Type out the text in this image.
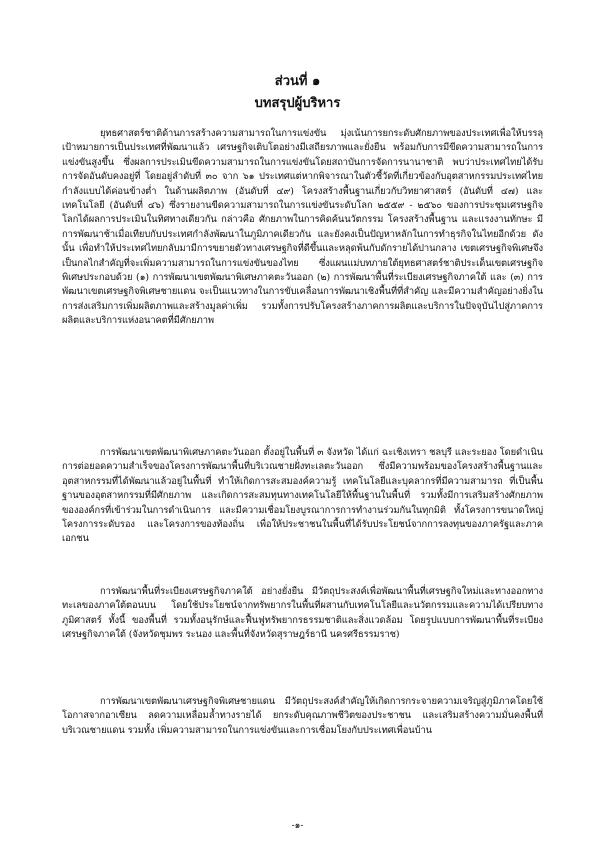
ส่วนที่ ๑
บทสรุปผู้บริหาร

ยุทธศาสตร์ชาติด้านการสร้างความสามารถในการแข่งขัน มุ่งเน้นการยกระดับศักยภาพของประเทศเพื่อให้บรรลุเป้าหมายการเป็นประเทศที่พัฒนาแล้ว เศรษฐกิจเติบโตอย่างมีเสถียรภาพและยั่งยืน พร้อมกับการมีขีดความสามารถในการแข่งขันสูงขึ้น ซึ่งผลการประเมินขีดความสามารถในการแข่งขันโดยสถาบันการจัดการนานาชาติ พบว่าประเทศไทยได้รับการจัดอันดับคงอยู่ที่ โดยอยู่ลำดับที่ ๓๐ จาก ๖๑ ประเทศแต่หากพิจารณาในตัวชี้วัดที่เกี่ยวข้องกับอุตสาหกรรมประเทศไทยกำลังแบบได้ค่อนข้างต่ำ ในด้านผลิตภาพ (อันดับที่ ๔๙) โครงสร้างพื้นฐานเกี่ยวกับวิทยาศาสตร์ (อันดับที่ ๔๗) และเทคโนโลยี (อันดับที่ ๔๖) ซึ่งรายงานขีดความสามารถในการแข่งขันระดับโลก ๒๕๕๙ - ๒๕๖๐ ของการประชุมเศรษฐกิจโลกได้ผลการประเมินในทิศทางเดียวกัน กล่าวคือ ศักยภาพในการคิดค้นนวัตกรรม โครงสร้างพื้นฐาน และแรงงานทักษะ มีการพัฒนาช้าเมื่อเทียบกับประเทศกำลังพัฒนาในภูมิภาคเดียวกัน และยังคงเป็นปัญหาหลักในการทำธุรกิจในไทยอีกด้วย ดังนั้น เพื่อทำให้ประเทศไทยกลับมามีการขยายตัวทางเศรษฐกิจที่ดีขึ้นและหลุดพ้นกับดักรายได้ปานกลาง เขตเศรษฐกิจพิเศษจึงเป็นกลไกสำคัญที่จะเพิ่มความสามารถในการแข่งขันของไทย ซึ่งแผนแม่บทภายใต้ยุทธศาสตร์ชาติประเด็นเขตเศรษฐกิจพิเศษประกอบด้วย (๑) การพัฒนาเขตพัฒนาพิเศษภาคตะวันออก (๒) การพัฒนาพื้นที่ระเบียงเศรษฐกิจภาคใต้ และ (๓) การพัฒนาเขตเศรษฐกิจพิเศษชายแดน จะเป็นแนวทางในการขับเคลื่อนการพัฒนาเชิงพื้นที่ที่สำคัญ และมีความสำคัญอย่างยิ่งในการส่งเสริมการเพิ่มผลิตภาพและสร้างมูลค่าเพิ่ม รวมทั้งการปรับโครงสร้างภาคการผลิตและบริการในปัจจุบันไปสู่ภาคการผลิตและบริการแห่งอนาคตที่มีศักยภาพ

การพัฒนาเขตพัฒนาพิเศษภาคตะวันออก ตั้งอยู่ในพื้นที่ ๓ จังหวัด ได้แก่ ฉะเชิงเทรา ชลบุรี และระยอง โดยดำเนินการต่อยอดความสำเร็จของโครงการพัฒนาพื้นที่บริเวณชายฝั่งทะเลตะวันออก ซึ่งมีความพร้อมของโครงสร้างพื้นฐานและอุตสาหกรรมที่ได้พัฒนาแล้วอยู่ในพื้นที่ ทำให้เกิดการสะสมองค์ความรู้ เทคโนโลยีและบุคลากรที่มีความสามารถ ที่เป็นพื้นฐานของอุตสาหกรรมที่มีศักยภาพ และเกิดการสะสมทุนทางเทคโนโลยีให้พื้นฐานในพื้นที่ รวมทั้งมีการเสริมสร้างศักยภาพขององค์กรที่เข้าร่วมในการดำเนินการ และมีความเชื่อมโยงบูรณาการการทำงานร่วมกันในทุกมิติ ทั้งโครงการขนาดใหญ่ โครงการระดับรอง และโครงการของท้องถิ่น เพื่อให้ประชาชนในพื้นที่ได้รับประโยชน์จากการลงทุนของภาครัฐและภาคเอกชน

การพัฒนาพื้นที่ระเบียงเศรษฐกิจภาคใต้ อย่างยั่งยืน มีวัตถุประสงค์เพื่อพัฒนาพื้นที่เศรษฐกิจใหม่และทางออกทางทะเลของภาคใต้ตอนบน โดยใช้ประโยชน์จากทรัพยากรในพื้นที่ผสานกับเทคโนโลยีและนวัตกรรมและความได้เปรียบทางภูมิศาสตร์ ทั้งนี้ ของพื้นที่ รวมทั้งอนุรักษ์และฟื้นฟูทรัพยากรธรรมชาติและสิ่งแวดล้อม โดยรูปแบบการพัฒนาพื้นที่ระเบียงเศรษฐกิจภาคใต้ (จังหวัดชุมพร ระนอง และพื้นที่จังหวัดสุราษฎร์ธานี นครศรีธรรมราช)

การพัฒนาเขตพัฒนาเศรษฐกิจพิเศษชายแดน มีวัตถุประสงค์สำคัญให้เกิดการกระจายความเจริญสู่ภูมิภาคโดยใช้โอกาสจากอาเซียน ลดความเหลื่อมล้ำทางรายได้ ยกระดับคุณภาพชีวิตของประชาชน และเสริมสร้างความมั่นคงพื้นที่บริเวณชายแดน รวมทั้ง เพิ่มความสามารถในการแข่งขันและการเชื่อมโยงกับประเทศเพื่อนบ้าน

-๑-
